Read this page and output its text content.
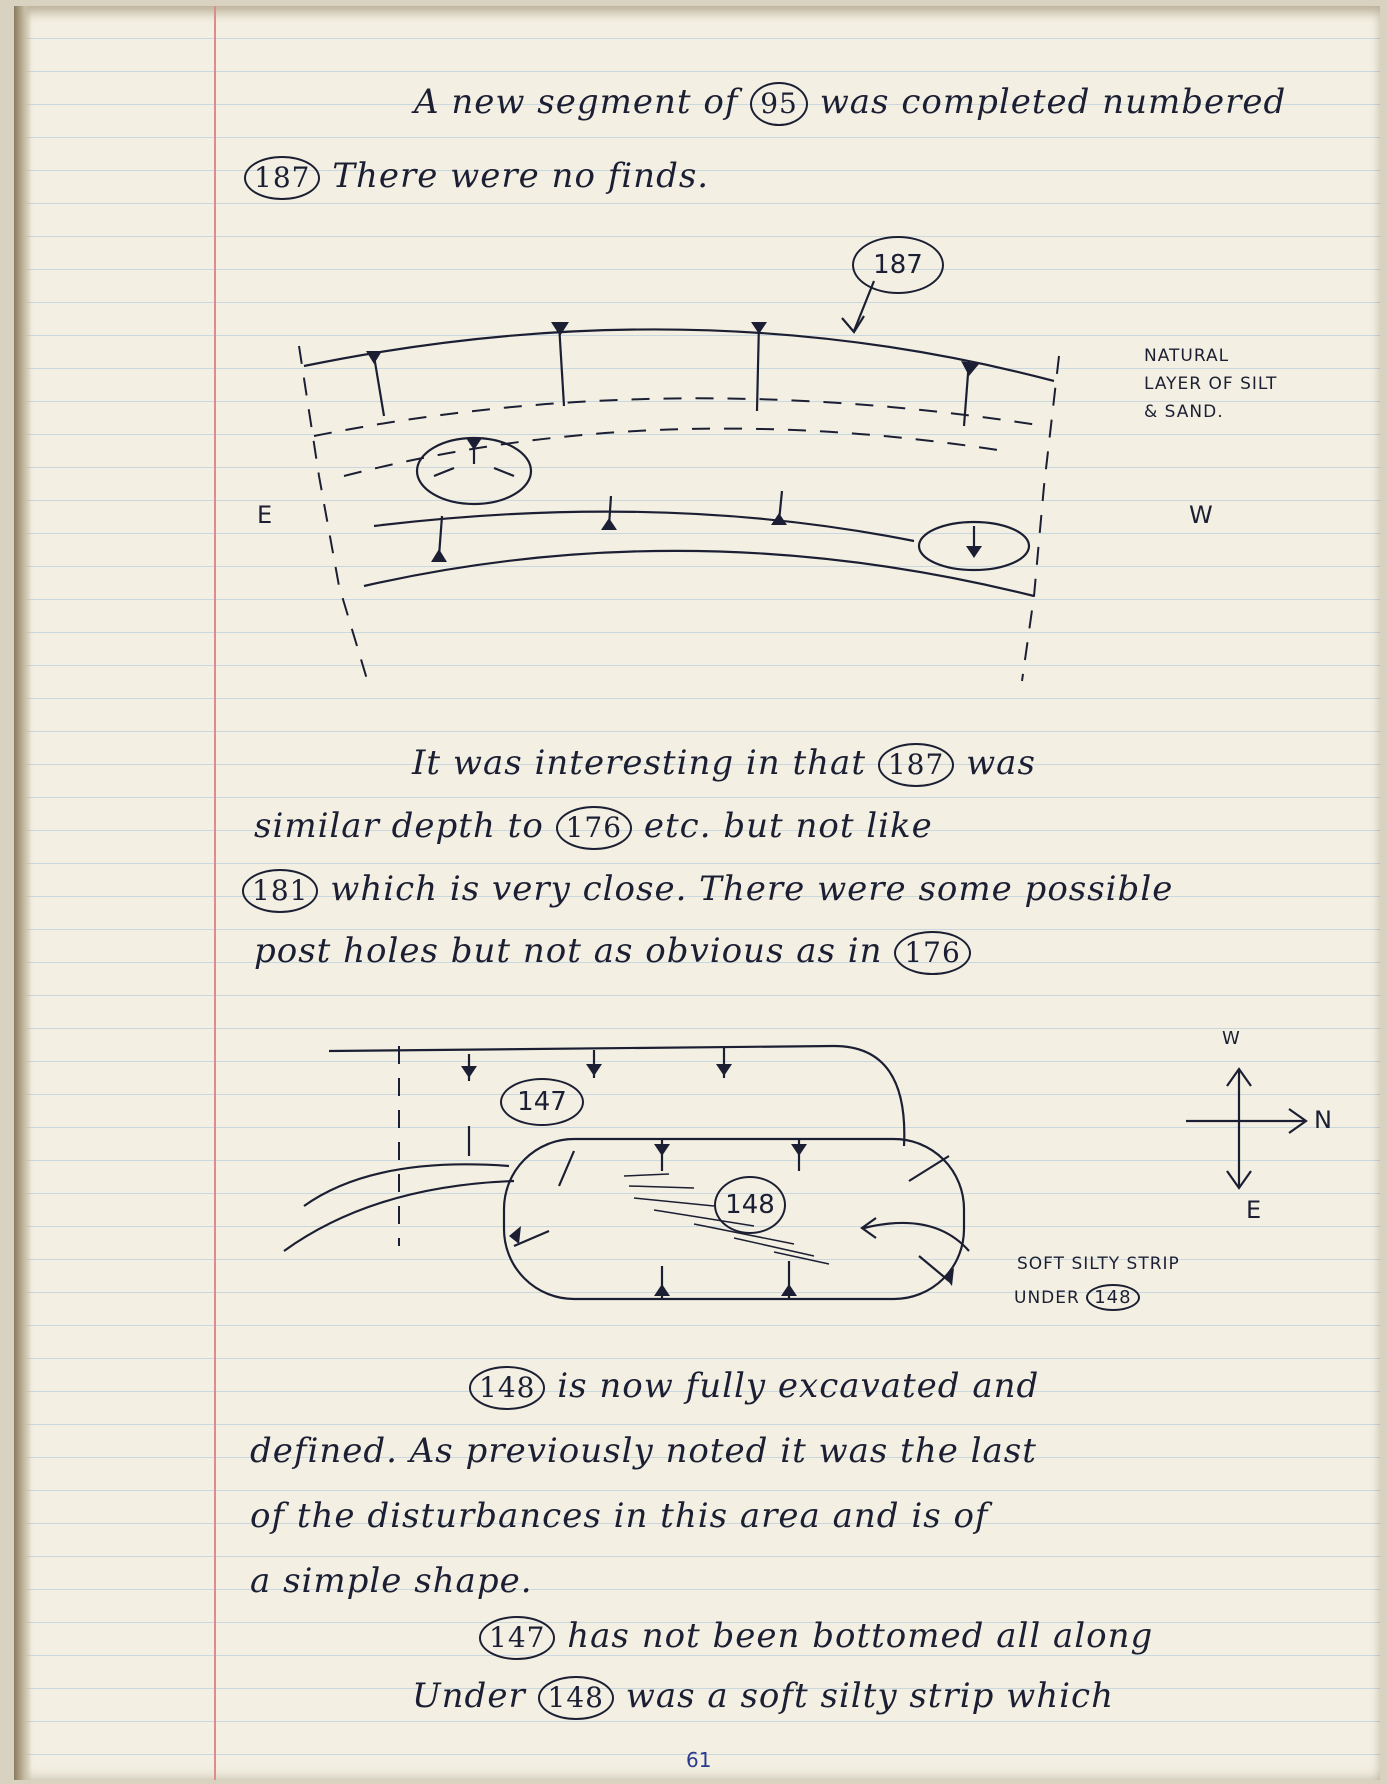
A new segment of 95 was completed numbered

187 There were no finds.

187

NATURAL

LAYER OF SILT

& SAND.

E	W

It was interesting in that 187 was

similar depth to 176 etc. but not like

181 which is very close. There were some possible

post holes but not as obvious as in 176

147
148
W
N
E

SOFT SILTY STRIP

UNDER 148

148 is now fully excavated and

defined. As previously noted it was the last

of the disturbances in this area and is of

a simple shape.

147 has not been bottomed all along

Under 148 was a soft silty strip which

61
